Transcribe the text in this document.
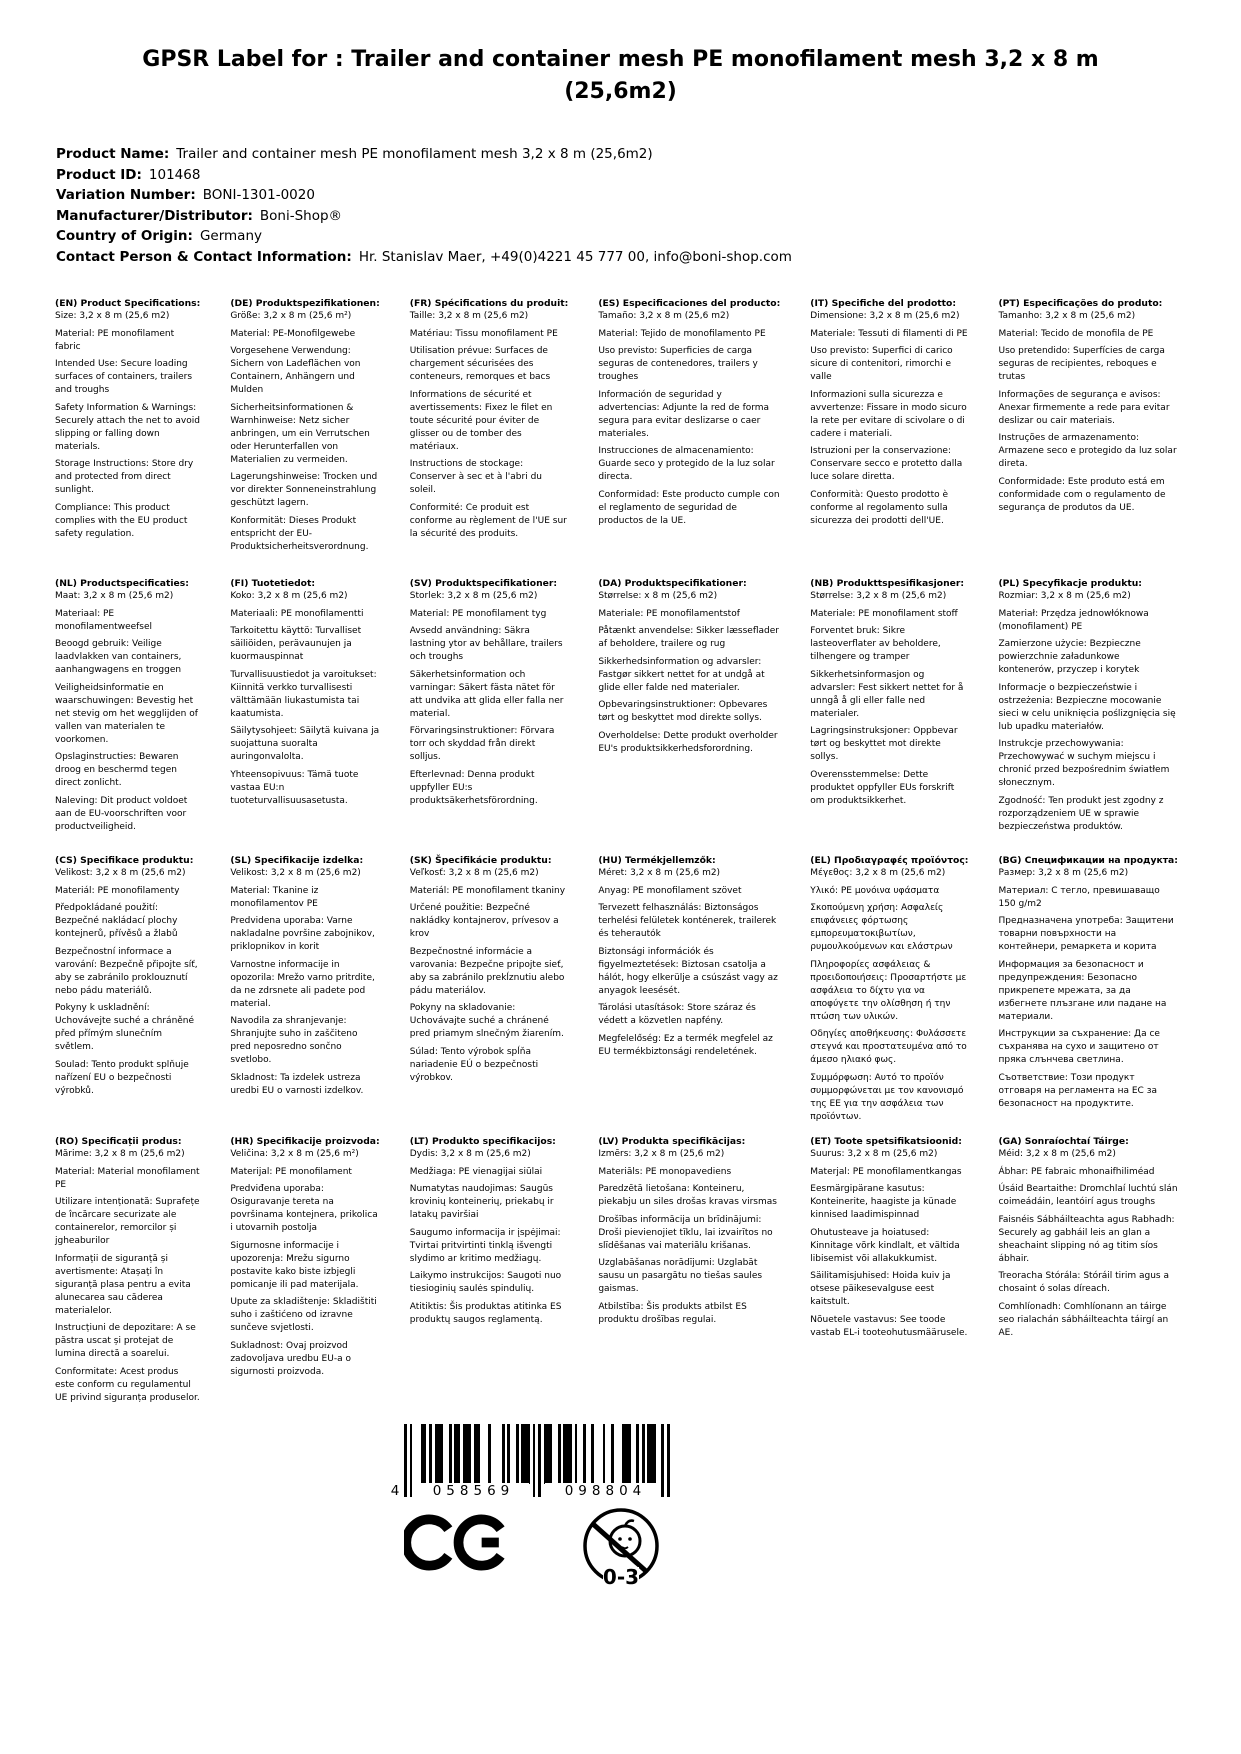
GPSR Label for : Trailer and container mesh PE monofilament mesh 3,2 x 8 m (25,6m2)
Product Name: Trailer and container mesh PE monofilament mesh 3,2 x 8 m (25,6m2)
Product ID: 101468
Variation Number: BONI-1301-0020
Manufacturer/Distributor: Boni-Shop®
Country of Origin: Germany
Contact Person & Contact Information: Hr. Stanislav Maer, +49(0)4221 45 777 00, info@boni-shop.com
(EN) Product Specifications:

Size: 3,2 x 8 m (25,6 m2)

Material: PE monofilament fabric

Intended Use: Secure loading surfaces of containers, trailers and troughs

Safety Information & Warnings: Securely attach the net to avoid slipping or falling down materials.

Storage Instructions: Store dry and protected from direct sunlight.

Compliance: This product complies with the EU product safety regulation.

(DE) Produktspezifikationen:

Größe: 3,2 x 8 m (25,6 m²)

Material: PE-Monofilgewebe

Vorgesehene Verwendung: Sichern von Ladeflächen von Containern, Anhängern und Mulden

Sicherheitsinformationen & Warnhinweise: Netz sicher anbringen, um ein Verrutschen oder Herunterfallen von Materialien zu vermeiden.

Lagerungshinweise: Trocken und vor direkter Sonneneinstrahlung geschützt lagern.

Konformität: Dieses Produkt entspricht der EU-Produktsicherheitsverordnung.

(FR) Spécifications du produit:

Taille: 3,2 x 8 m (25,6 m2)

Matériau: Tissu monofilament PE

Utilisation prévue: Surfaces de chargement sécurisées des conteneurs, remorques et bacs

Informations de sécurité et avertissements: Fixez le filet en toute sécurité pour éviter de glisser ou de tomber des matériaux.

Instructions de stockage: Conserver à sec et à l'abri du soleil.

Conformité: Ce produit est conforme au règlement de l'UE sur la sécurité des produits.

(ES) Especificaciones del producto:

Tamaño: 3,2 x 8 m (25,6 m2)

Material: Tejido de monofilamento PE

Uso previsto: Superficies de carga seguras de contenedores, trailers y troughes

Información de seguridad y advertencias: Adjunte la red de forma segura para evitar deslizarse o caer materiales.

Instrucciones de almacenamiento: Guarde seco y protegido de la luz solar directa.

Conformidad: Este producto cumple con el reglamento de seguridad de productos de la UE.

(IT) Specifiche del prodotto:

Dimensione: 3,2 x 8 m (25,6 m2)

Materiale: Tessuti di filamenti di PE

Uso previsto: Superfici di carico sicure di contenitori, rimorchi e valle

Informazioni sulla sicurezza e avvertenze: Fissare in modo sicuro la rete per evitare di scivolare o di cadere i materiali.

Istruzioni per la conservazione: Conservare secco e protetto dalla luce solare diretta.

Conformità: Questo prodotto è conforme al regolamento sulla sicurezza dei prodotti dell'UE.

(PT) Especificações do produto:

Tamanho: 3,2 x 8 m (25,6 m2)

Material: Tecido de monofila de PE

Uso pretendido: Superfícies de carga seguras de recipientes, reboques e trutas

Informações de segurança e avisos: Anexar firmemente a rede para evitar deslizar ou cair materiais.

Instruções de armazenamento: Armazene seco e protegido da luz solar direta.

Conformidade: Este produto está em conformidade com o regulamento de segurança de produtos da UE.

(NL) Productspecificaties:

Maat: 3,2 x 8 m (25,6 m2)

Materiaal: PE monofilamentweefsel

Beoogd gebruik: Veilige laadvlakken van containers, aanhangwagens en troggen

Veiligheidsinformatie en waarschuwingen: Bevestig het net stevig om het wegglijden of vallen van materialen te voorkomen.

Opslaginstructies: Bewaren droog en beschermd tegen direct zonlicht.

Naleving: Dit product voldoet aan de EU-voorschriften voor productveiligheid.

(FI) Tuotetiedot:

Koko: 3,2 x 8 m (25,6 m2)

Materiaali: PE monofilamentti

Tarkoitettu käyttö: Turvalliset säiliöiden, perävaunujen ja kuormauspinnat

Turvallisuustiedot ja varoitukset: Kiinnitä verkko turvallisesti välttämään liukastumista tai kaatumista.

Säilytysohjeet: Säilytä kuivana ja suojattuna suoralta auringonvalolta.

Yhteensopivuus: Tämä tuote vastaa EU:n tuoteturvallisuusasetusta.

(SV) Produktspecifikationer:

Storlek: 3,2 x 8 m (25,6 m2)

Material: PE monofilament tyg

Avsedd användning: Säkra lastning ytor av behållare, trailers och troughs

Säkerhetsinformation och varningar: Säkert fästa nätet för att undvika att glida eller falla ner material.

Förvaringsinstruktioner: Förvara torr och skyddad från direkt solljus.

Efterlevnad: Denna produkt uppfyller EU:s produktsäkerhetsförordning.

(DA) Produktspecifikationer:

Størrelse: x 8 m (25,6 m2)

Materiale: PE monofilamentstof

Påtænkt anvendelse: Sikker læsseflader af beholdere, trailere og rug

Sikkerhedsinformation og advarsler: Fastgør sikkert nettet for at undgå at glide eller falde ned materialer.

Opbevaringsinstruktioner: Opbevares tørt og beskyttet mod direkte sollys.

Overholdelse: Dette produkt overholder EU's produktsikkerhedsforordning.

(NB) Produkttspesifikasjoner:

Størrelse: 3,2 x 8 m (25,6 m2)

Materiale: PE monofilament stoff

Forventet bruk: Sikre lasteoverflater av beholdere, tilhengere og tramper

Sikkerhetsinformasjon og advarsler: Fest sikkert nettet for å unngå å gli eller falle ned materialer.

Lagringsinstruksjoner: Oppbevar tørt og beskyttet mot direkte sollys.

Overensstemmelse: Dette produktet oppfyller EUs forskrift om produktsikkerhet.

(PL) Specyfikacje produktu:

Rozmiar: 3,2 x 8 m (25,6 m2)

Materiał: Przędza jednowłóknowa (monofilament) PE

Zamierzone użycie: Bezpieczne powierzchnie załadunkowe kontenerów, przyczep i korytek

Informacje o bezpieczeństwie i ostrzeżenia: Bezpieczne mocowanie sieci w celu uniknięcia poślizgnięcia się lub upadku materiałów.

Instrukcje przechowywania: Przechowywać w suchym miejscu i chronić przed bezpośrednim światłem słonecznym.

Zgodność: Ten produkt jest zgodny z rozporządzeniem UE w sprawie bezpieczeństwa produktów.

(CS) Specifikace produktu:

Velikost: 3,2 x 8 m (25,6 m2)

Materiál: PE monofilamenty

Předpokládané použití: Bezpečné nakládací plochy kontejnerů, přívěsů a žlabů

Bezpečnostní informace a varování: Bezpečně připojte síť, aby se zabránilo proklouznutí nebo pádu materiálů.

Pokyny k uskladnění: Uchovávejte suché a chráněné před přímým slunečním světlem.

Soulad: Tento produkt splňuje nařízení EU o bezpečnosti výrobků.

(SL) Specifikacije izdelka:

Velikost: 3,2 x 8 m (25,6 m2)

Material: Tkanine iz monofilamentov PE

Predvidena uporaba: Varne nakladalne površine zabojnikov, priklopnikov in korit

Varnostne informacije in opozorila: Mrežo varno pritrdite, da ne zdrsnete ali padete pod material.

Navodila za shranjevanje: Shranjujte suho in zaščiteno pred neposredno sončno svetlobo.

Skladnost: Ta izdelek ustreza uredbi EU o varnosti izdelkov.

(SK) Špecifikácie produktu:

Veľkosť: 3,2 x 8 m (25,6 m2)

Materiál: PE monofilament tkaniny

Určené použitie: Bezpečné nakládky kontajnerov, prívesov a krov

Bezpečnostné informácie a varovania: Bezpečne pripojte sieť, aby sa zabránilo prekĺznutiu alebo pádu materiálov.

Pokyny na skladovanie: Uchovávajte suché a chránené pred priamym slnečným žiarením.

Súlad: Tento výrobok spĺňa nariadenie EÚ o bezpečnosti výrobkov.

(HU) Termékjellemzők:

Méret: 3,2 x 8 m (25,6 m2)

Anyag: PE monofilament szövet

Tervezett felhasználás: Biztonságos terhelési felületek konténerek, trailerek és teherautók

Biztonsági információk és figyelmeztetések: Biztosan csatolja a hálót, hogy elkerülje a csúszást vagy az anyagok leesését.

Tárolási utasítások: Store száraz és védett a közvetlen napfény.

Megfelelőség: Ez a termék megfelel az EU termékbiztonsági rendeletének.

(EL) Προδιαγραφές προϊόντος:

Μέγεθος: 3,2 x 8 m (25,6 m2)

Υλικό: PE μονόινα υφάσματα

Σκοπούμενη χρήση: Ασφαλείς επιφάνειες φόρτωσης εμπορευματοκιβωτίων, ρυμουλκούμενων και ελάστρων

Πληροφορίες ασφάλειας & προειδοποιήσεις: Προσαρτήστε με ασφάλεια το δίχτυ για να αποφύγετε την ολίσθηση ή την πτώση των υλικών.

Οδηγίες αποθήκευσης: Φυλάσσετε στεγνά και προστατευμένα από το άμεσο ηλιακό φως.

Συμμόρφωση: Αυτό το προϊόν συμμορφώνεται με τον κανονισμό της ΕΕ για την ασφάλεια των προϊόντων.

(BG) Спецификации на продукта:

Размер: 3,2 x 8 m (25,6 m2)

Материал: С тегло, превишаващо 150 g/m2

Предназначена употреба: Защитени товарни повърхности на контейнери, ремаркета и корита

Информация за безопасност и предупреждения: Безопасно прикрепете мрежата, за да избегнете плъзгане или падане на материали.

Инструкции за съхранение: Да се съхранява на сухо и защитено от пряка слънчева светлина.

Съответствие: Този продукт отговаря на регламента на ЕС за безопасност на продуктите.

(RO) Specificații produs:

Mărime: 3,2 x 8 m (25,6 m2)

Material: Material monofilament PE

Utilizare intenționată: Suprafețe de încărcare securizate ale containerelor, remorcilor și jgheaburilor

Informații de siguranță și avertismente: Atașați în siguranță plasa pentru a evita alunecarea sau căderea materialelor.

Instrucțiuni de depozitare: A se păstra uscat și protejat de lumina directă a soarelui.

Conformitate: Acest produs este conform cu regulamentul UE privind siguranța produselor.

(HR) Specifikacije proizvoda:

Veličina: 3,2 x 8 m (25,6 m²)

Materijal: PE monofilament

Predviđena uporaba: Osiguravanje tereta na površinama kontejnera, prikolica i utovarnih postolja

Sigurnosne informacije i upozorenja: Mrežu sigurno postavite kako biste izbjegli pomicanje ili pad materijala.

Upute za skladištenje: Skladištiti suho i zaštićeno od izravne sunčeve svjetlosti.

Sukladnost: Ovaj proizvod zadovoljava uredbu EU-a o sigurnosti proizvoda.

(LT) Produkto specifikacijos:

Dydis: 3,2 x 8 m (25,6 m2)

Medžiaga: PE vienagijai siūlai

Numatytas naudojimas: Saugūs krovinių konteinerių, priekabų ir latakų paviršiai

Saugumo informacija ir įspėjimai: Tvirtai pritvirtinti tinklą išvengti slydimo ar kritimo medžiagų.

Laikymo instrukcijos: Saugoti nuo tiesioginių saulės spindulių.

Atitiktis: Šis produktas atitinka ES produktų saugos reglamentą.

(LV) Produkta specifikācijas:

Izmērs: 3,2 x 8 m (25,6 m2)

Materiāls: PE monopavediens

Paredzētā lietošana: Konteineru, piekabju un siles drošas kravas virsmas

Drošības informācija un brīdinājumi: Droši pievienojiet tīklu, lai izvairītos no slīdēšanas vai materiālu krišanas.

Uzglabāšanas norādījumi: Uzglabāt sausu un pasargātu no tiešas saules gaismas.

Atbilstība: Šis produkts atbilst ES produktu drošības regulai.

(ET) Toote spetsifikatsioonid:

Suurus: 3,2 x 8 m (25,6 m2)

Materjal: PE monofilamentkangas

Eesmärgipärane kasutus: Konteinerite, haagiste ja künade kinnised laadimispinnad

Ohutusteave ja hoiatused: Kinnitage võrk kindlalt, et vältida libisemist või allakukkumist.

Säilitamisjuhised: Hoida kuiv ja otsese päikesevalguse eest kaitstult.

Nõuetele vastavus: See toode vastab EL-i tooteohutusmäärusele.

(GA) Sonraíochtaí Táirge:

Méid: 3,2 x 8 m (25,6 m2)

Ábhar: PE fabraic mhonaifhiliméad

Úsáid Beartaithe: Dromchlaí luchtú slán coimeádáin, leantóirí agus troughs

Faisnéis Sábháilteachta agus Rabhadh: Securely ag gabháil leis an glan a sheachaint slipping nó ag titim síos ábhair.

Treoracha Stórála: Stóráil tirim agus a chosaint ó solas díreach.

Comhlíonadh: Comhlíonann an táirge seo rialachán sábháilteachta táirgí an AE.

4	058569	098804
0-3
